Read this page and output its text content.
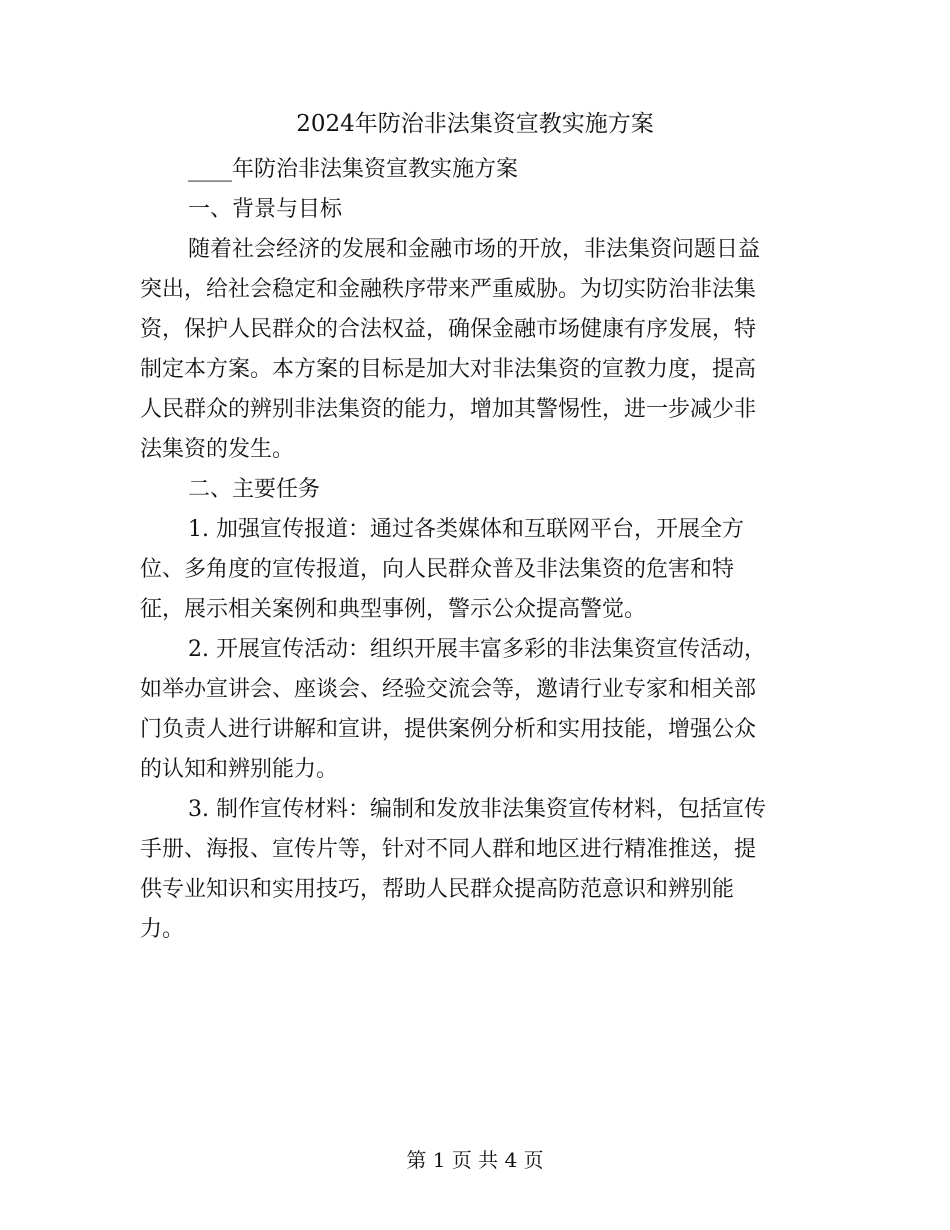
2024年防治非法集资宣教实施方案

____年防治非法集资宣教实施方案

一、背景与目标

随着社会经济的发展和金融市场的开放，非法集资问题日益

突出，给社会稳定和金融秩序带来严重威胁。为切实防治非法集

资，保护人民群众的合法权益，确保金融市场健康有序发展，特

制定本方案。本方案的目标是加大对非法集资的宣教力度，提高

人民群众的辨别非法集资的能力，增加其警惕性，进一步减少非

法集资的发生。

二、主要任务

1. 加强宣传报道：通过各类媒体和互联网平台，开展全方

位、多角度的宣传报道，向人民群众普及非法集资的危害和特

征，展示相关案例和典型事例，警示公众提高警觉。

2. 开展宣传活动：组织开展丰富多彩的非法集资宣传活动，

如举办宣讲会、座谈会、经验交流会等，邀请行业专家和相关部

门负责人进行讲解和宣讲，提供案例分析和实用技能，增强公众

的认知和辨别能力。

3. 制作宣传材料：编制和发放非法集资宣传材料，包括宣传

手册、海报、宣传片等，针对不同人群和地区进行精准推送，提

供专业知识和实用技巧，帮助人民群众提高防范意识和辨别能

力。

第 1 页 共 4 页
